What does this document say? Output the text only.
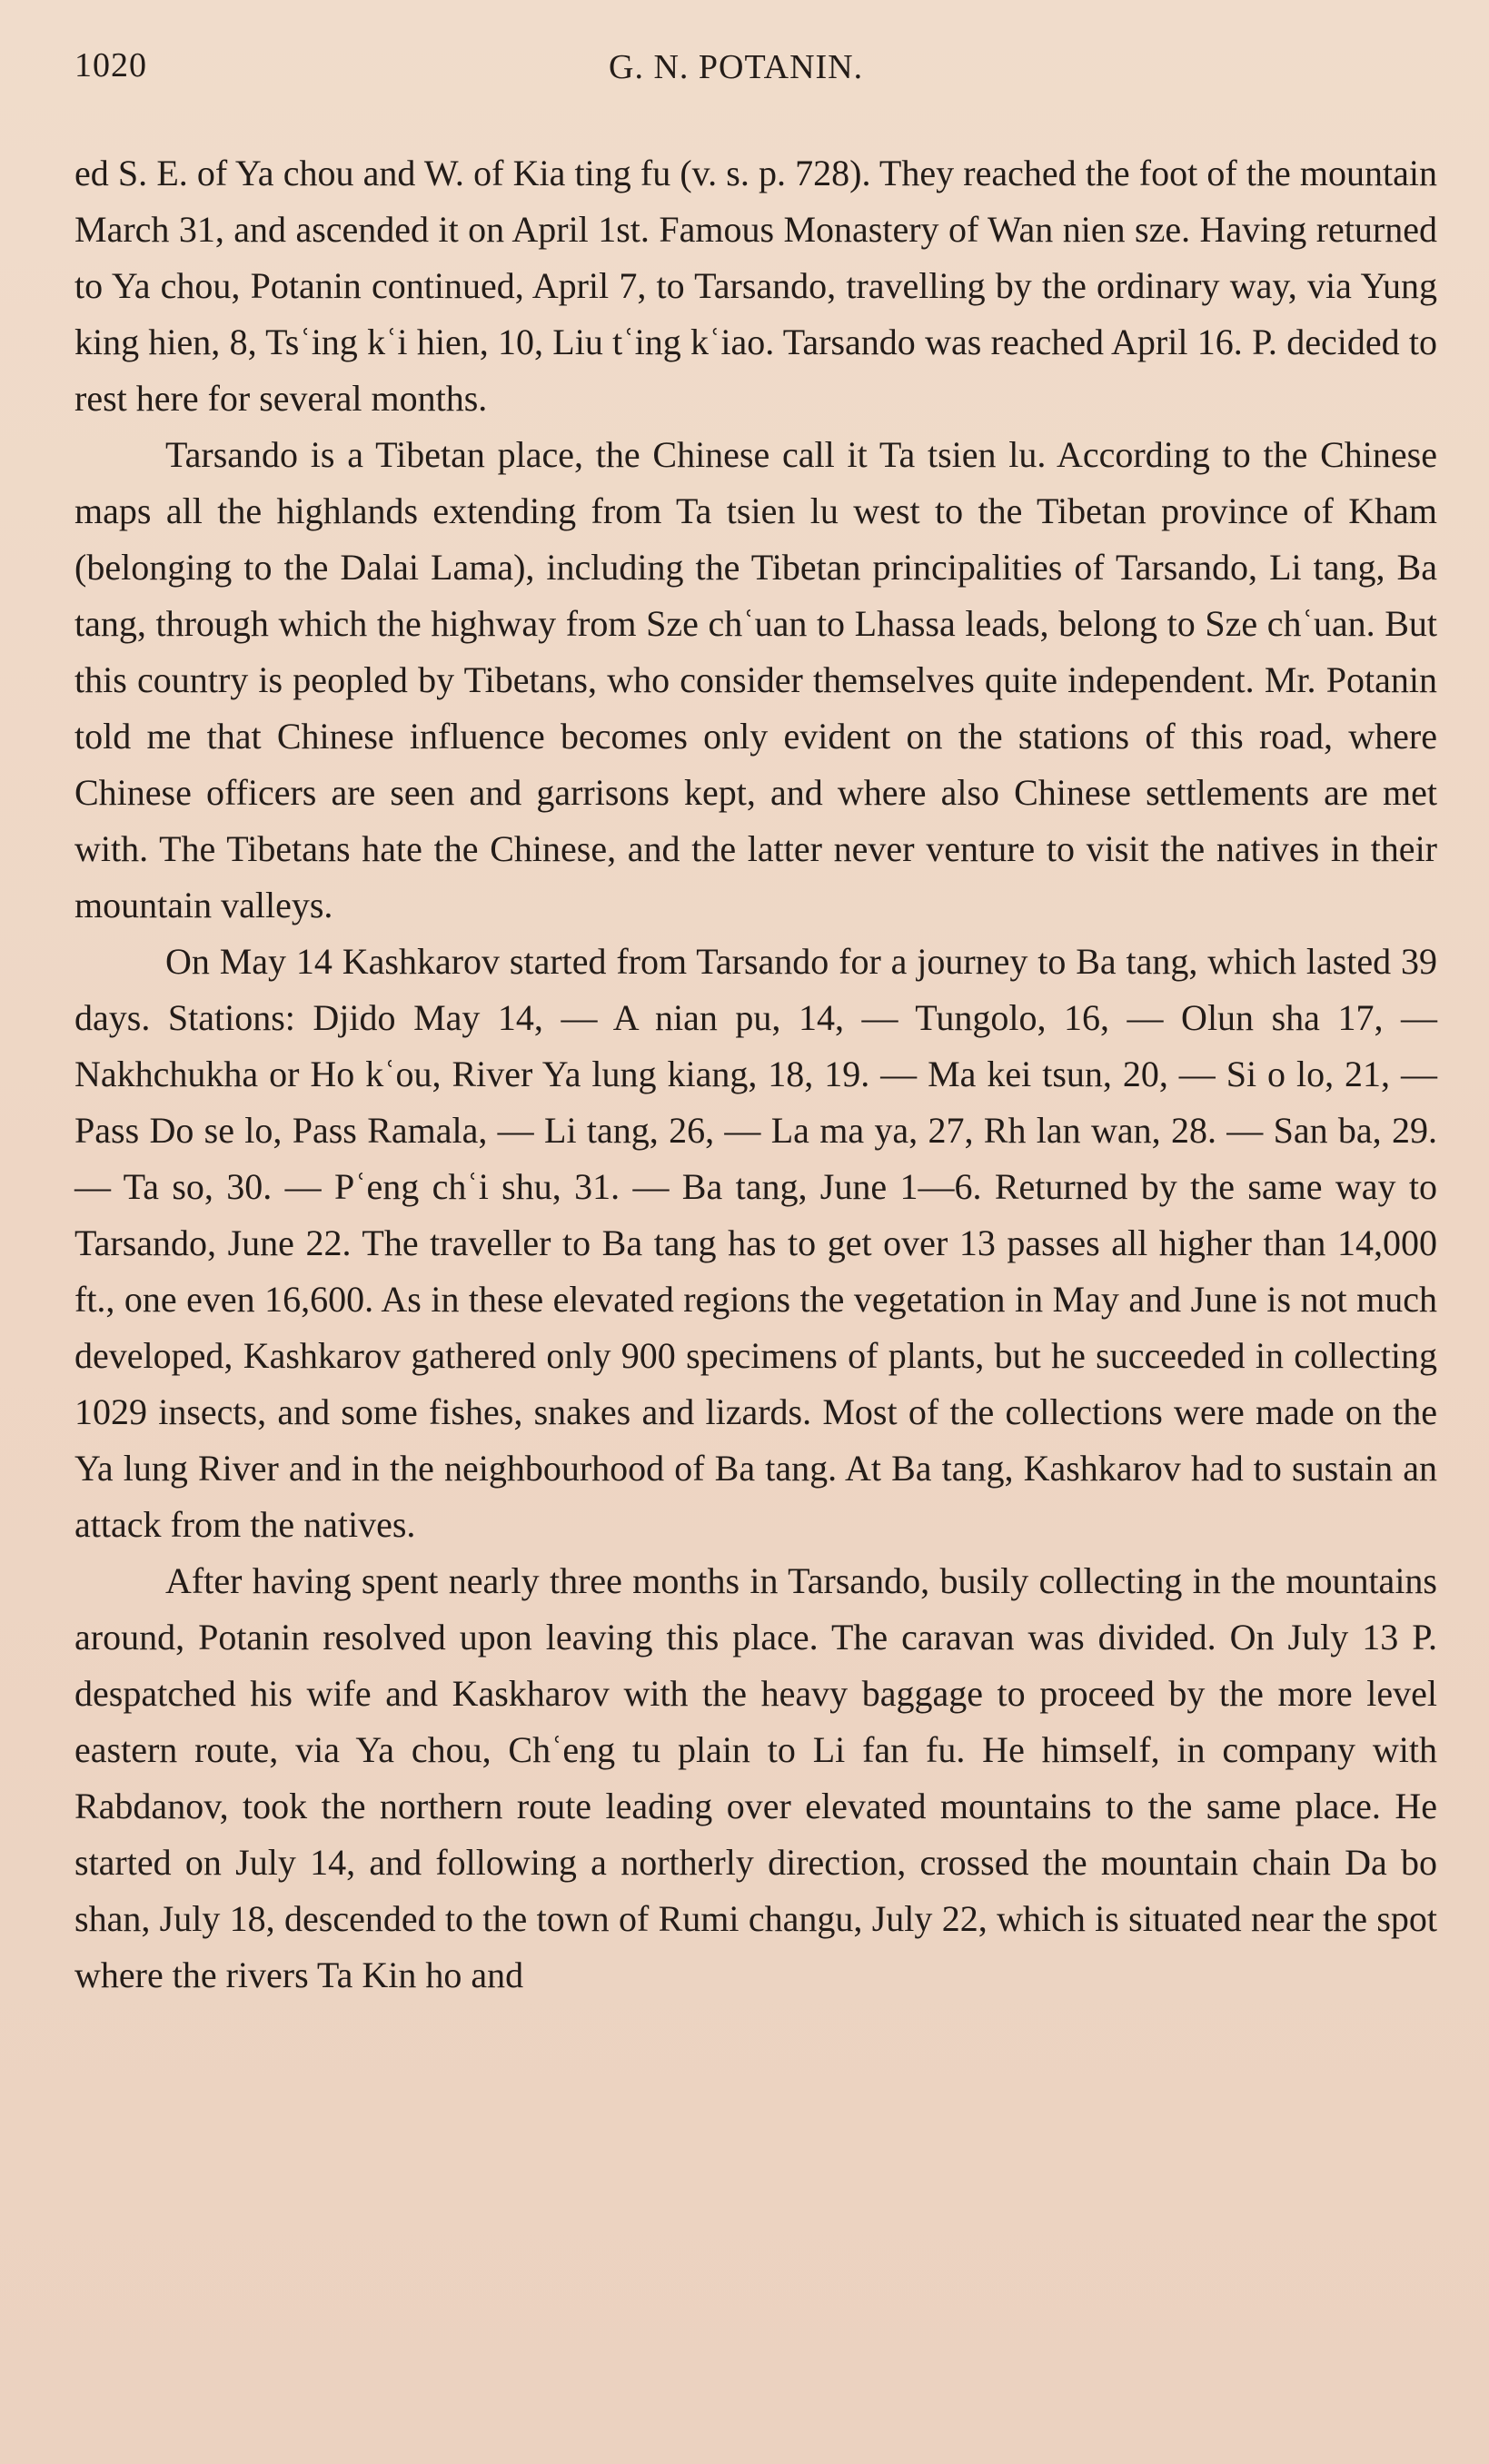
1020	G. N. POTANIN.

ed S. E. of Ya chou and W. of Kia ting fu (v. s. p. 728). They reached the foot of the mountain March 31, and ascended it on April 1st. Famous Monastery of Wan nien sze. Having returned to Ya chou, Potanin continued, April 7, to Tarsando, travelling by the ordinary way, via Yung king hien, 8, Tsʿing kʿi hien, 10, Liu tʿing kʿiao. Tarsando was reached April 16. P. decided to rest here for several months.

Tarsando is a Tibetan place, the Chinese call it Ta tsien lu. According to the Chinese maps all the highlands extending from Ta tsien lu west to the Tibetan province of Kham (belonging to the Dalai Lama), including the Tibetan principalities of Tarsando, Li tang, Ba tang, through which the highway from Sze chʿuan to Lhassa leads, belong to Sze chʿuan. But this country is peopled by Tibetans, who consider themselves quite independent. Mr. Potanin told me that Chinese influence becomes only evident on the stations of this road, where Chinese officers are seen and garrisons kept, and where also Chinese settlements are met with. The Tibetans hate the Chinese, and the latter never venture to visit the natives in their mountain valleys.

On May 14 Kashkarov started from Tarsando for a journey to Ba tang, which lasted 39 days. Stations: Djido May 14, — A nian pu, 14, — Tungolo, 16, — Olun sha 17, — Nakhchukha or Ho kʿou, River Ya lung kiang, 18, 19. — Ma kei tsun, 20, — Si o lo, 21, — Pass Do se lo, Pass Ramala, — Li tang, 26, — La ma ya, 27, Rh lan wan, 28. — San ba, 29. — Ta so, 30. — Pʿeng chʿi shu, 31. — Ba tang, June 1—6. Returned by the same way to Tarsando, June 22. The traveller to Ba tang has to get over 13 passes all higher than 14,000 ft., one even 16,600. As in these elevated regions the vegetation in May and June is not much developed, Kashkarov gathered only 900 specimens of plants, but he succeeded in collecting 1029 insects, and some fishes, snakes and lizards. Most of the collections were made on the Ya lung River and in the neighbourhood of Ba tang. At Ba tang, Kashkarov had to sustain an attack from the natives.

After having spent nearly three months in Tarsando, busily collecting in the mountains around, Potanin resolved upon leaving this place. The caravan was divided. On July 13 P. despatched his wife and Kaskharov with the heavy baggage to proceed by the more level eastern route, via Ya chou, Chʿeng tu plain to Li fan fu. He himself, in company with Rabdanov, took the northern route leading over elevated mountains to the same place. He started on July 14, and following a northerly direction, crossed the mountain chain Da bo shan, July 18, descended to the town of Rumi changu, July 22, which is situated near the spot where the rivers Ta Kin ho and
